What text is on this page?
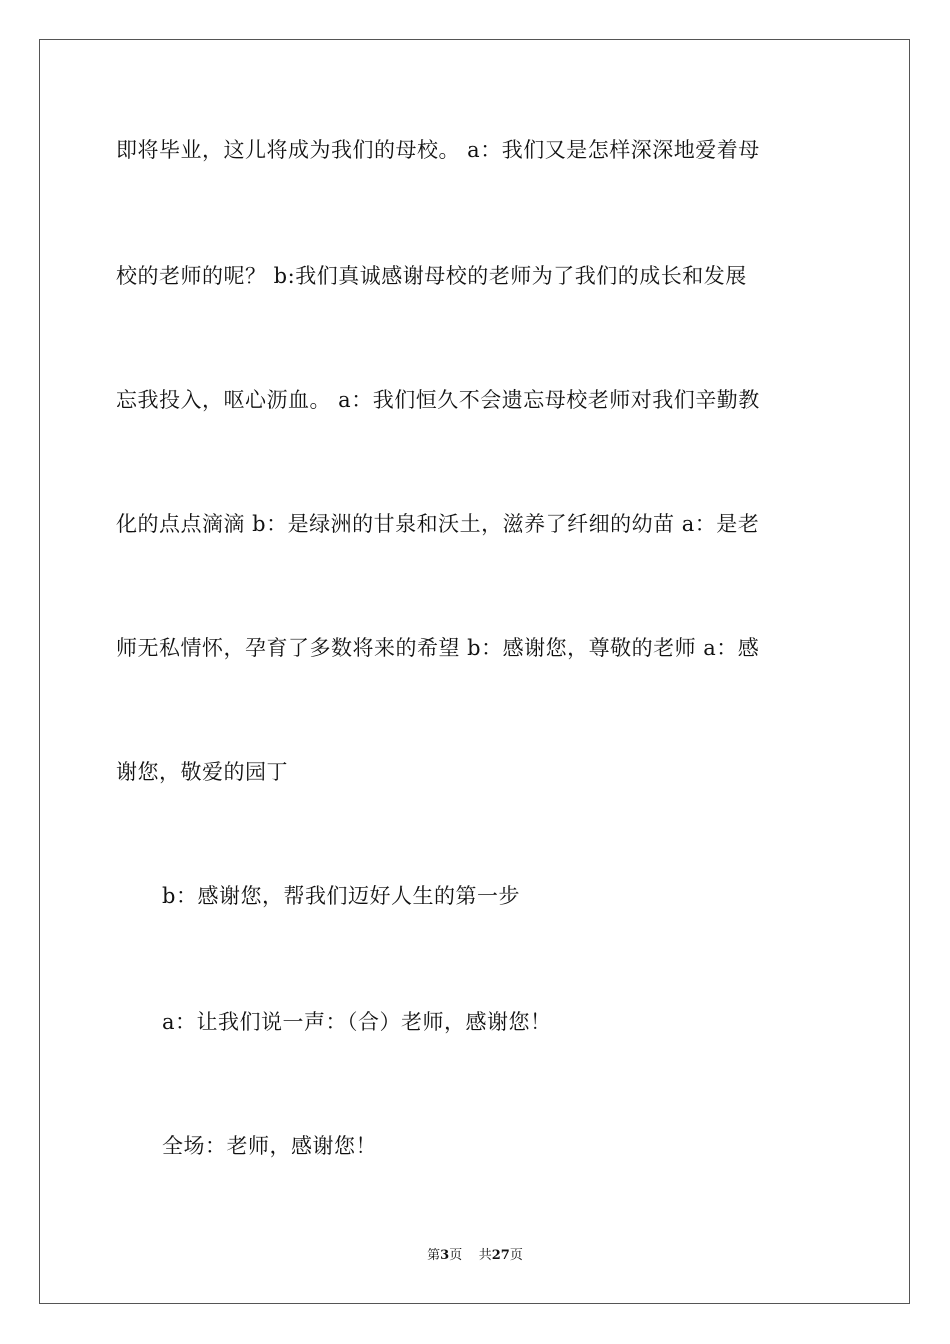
即将毕业，这儿将成为我们的母校。 a：我们又是怎样深深地爱着母
校的老师的呢？ b:我们真诚感谢母校的老师为了我们的成长和发展
忘我投入，呕心沥血。 a：我们恒久不会遗忘母校老师对我们辛勤教
化的点点滴滴 b：是绿洲的甘泉和沃土，滋养了纤细的幼苗 a：是老
师无私情怀，孕育了多数将来的希望 b：感谢您，尊敬的老师 a：感
谢您，敬爱的园丁
b：感谢您，帮我们迈好人生的第一步
a：让我们说一声：（合）老师，感谢您！
全场：老师，感谢您！
第3页 共27页
